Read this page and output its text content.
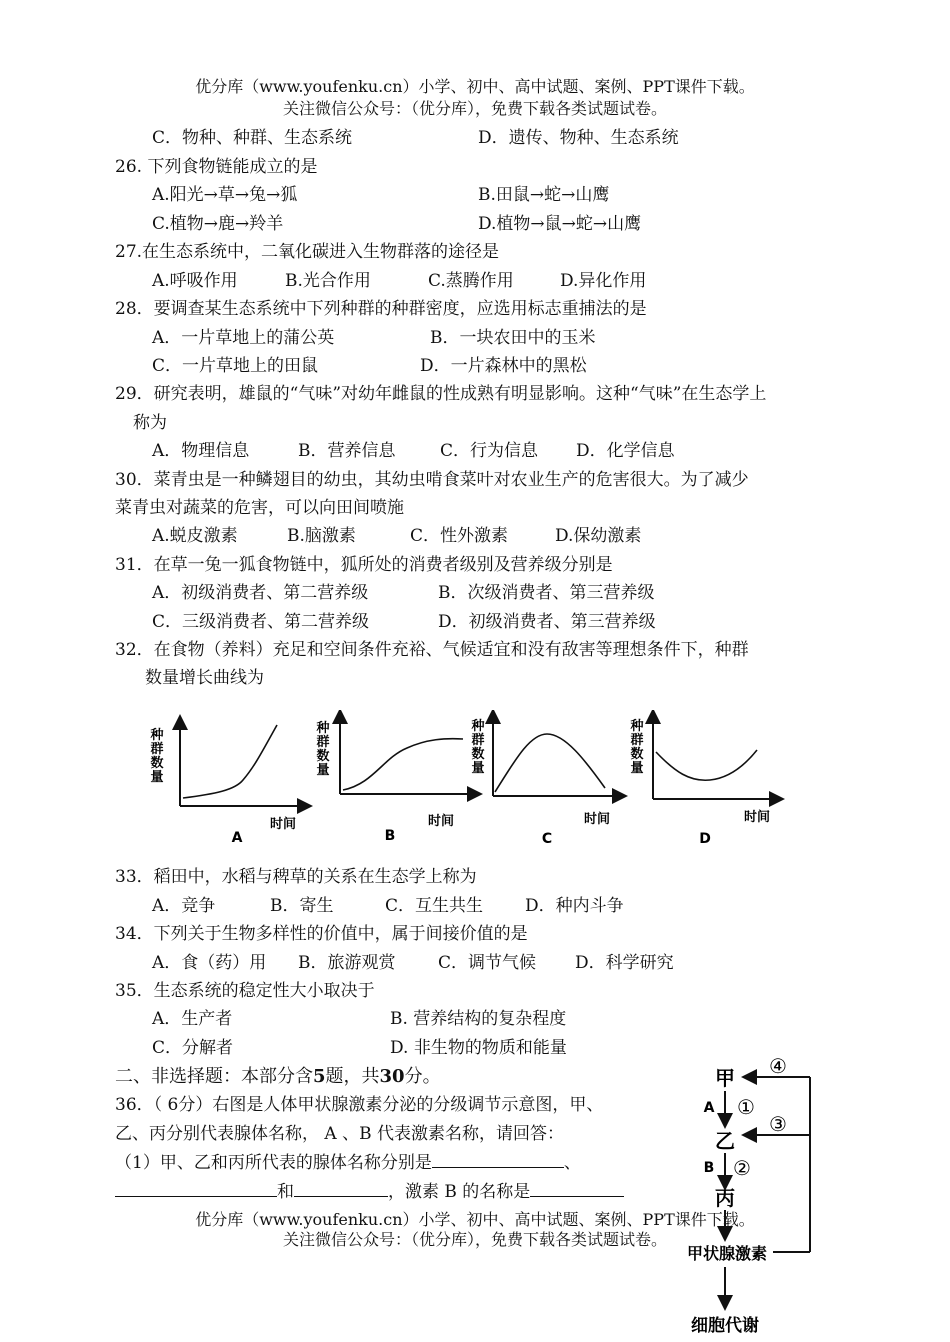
优分库（www.youfenku.cn）小学、初中、高中试题、案例、PPT课件下载。
关注微信公众号：（优分库），免费下载各类试题试卷。
C．物种、种群、生态系统	D．遗传、物种、生态系统
26. 下列食物链能成立的是
A.阳光→草→兔→狐	B.田鼠→蛇→山鹰
C.植物→鹿→羚羊	D.植物→鼠→蛇→山鹰
27.在生态系统中，二氧化碳进入生物群落的途径是
A.呼吸作用	B.光合作用	C.蒸腾作用	D.异化作用
28．要调查某生态系统中下列种群的种群密度，应选用标志重捕法的是
A．一片草地上的蒲公英	B．一块农田中的玉米
C．一片草地上的田鼠	D．一片森林中的黑松
29．研究表明，雄鼠的“气味”对幼年雌鼠的性成熟有明显影响。这种“气味”在生态学上
称为
A．物理信息	B．营养信息	C．行为信息 D．化学信息
30．菜青虫是一种鳞翅目的幼虫，其幼虫啃食菜叶对农业生产的危害很大。为了减少
菜青虫对蔬菜的危害，可以向田间喷施
A.蜕皮激素	B.脑激素	C．性外激素	D.保幼激素
31．在草一兔一狐食物链中，狐所处的消费者级别及营养级分别是
A．初级消费者、第二营养级	B．次级消费者、第三营养级
C．三级消费者、第二营养级	D．初级消费者、第三营养级
32．在食物（养料）充足和空间条件充裕、气候适宜和没有敌害等理想条件下，种群
数量增长曲线为
种
群
数
量
时间
A
种
群
数
量
时间
B
种
群
数
量
时间
C
种
群
数
量
时间
D
33．稻田中，水稻与稗草的关系在生态学上称为
A．竞争	B．寄生	C．互生共生 D．种内斗争
34．下列关于生物多样性的价值中，属于间接价值的是
A．食（药）用 B．旅游观赏	C．调节气候 D．科学研究
35．生态系统的稳定性大小取决于
A．生产者	B. 营养结构的复杂程度
C．分解者	D. 非生物的物质和能量
二、非选择题：本部分含5题，共30分。
36．（ 6分）右图是人体甲状腺激素分泌的分级调节示意图，甲、
乙、丙分别代表腺体名称， A 、B 代表激素名称，请回答：
（1）甲、乙和丙所代表的腺体名称分别是	、
和	，激素 B 的名称是
优分库（www.youfenku.cn）小学、初中、高中试题、案例、PPT课件下载。
关注微信公众号：（优分库），免费下载各类试题试卷。
甲
A ①
乙
B ②
丙
甲状腺激素
④
③
细胞代谢
